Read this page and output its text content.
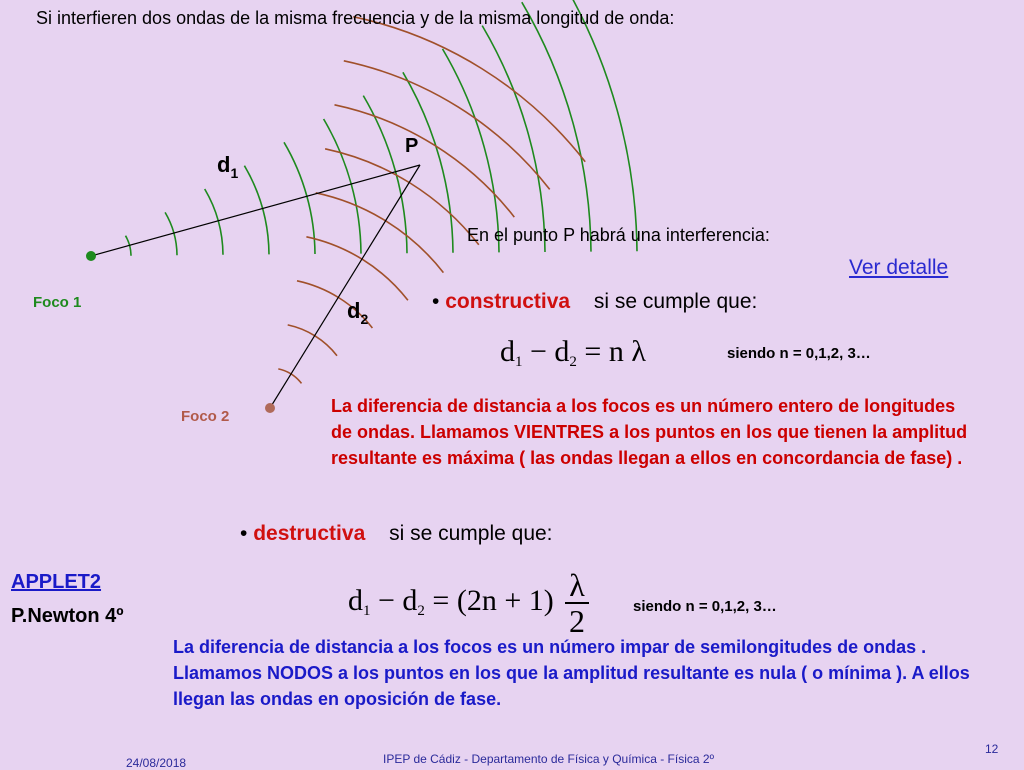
Si interfieren dos ondas de la misma frecuencia y de la misma longitud de onda:
P
$d_1$
$d_2$
Foco 1
Foco 2
En el punto P habrá una interferencia:
Ver detalle
• constructiva si se cumple que:
$d_1 - d_2 = n$ λ	siendo n = 0,1,2, 3…
La diferencia de distancia a los focos es un número entero de longitudes de ondas. Llamamos VIENTRES a los puntos en los que tienen la amplitud resultante es máxima ( las ondas llegan a ellos en concordancia de fase) .
• destructiva si se cumple que:
$d_1 - d_2 = (2n + 1) \frac{\lambda}{2}$	siendo n = 0,1,2, 3…
APPLET2
P.Newton 4º
La diferencia de distancia a los focos es un número impar de semilongitudes de ondas . Llamamos NODOS a los puntos en los que la amplitud resultante es nula ( o mínima ). A ellos llegan las ondas en oposición de fase.
24/08/2018	IPEP de Cádiz - Departamento de Física y Química - Física 2º
12
